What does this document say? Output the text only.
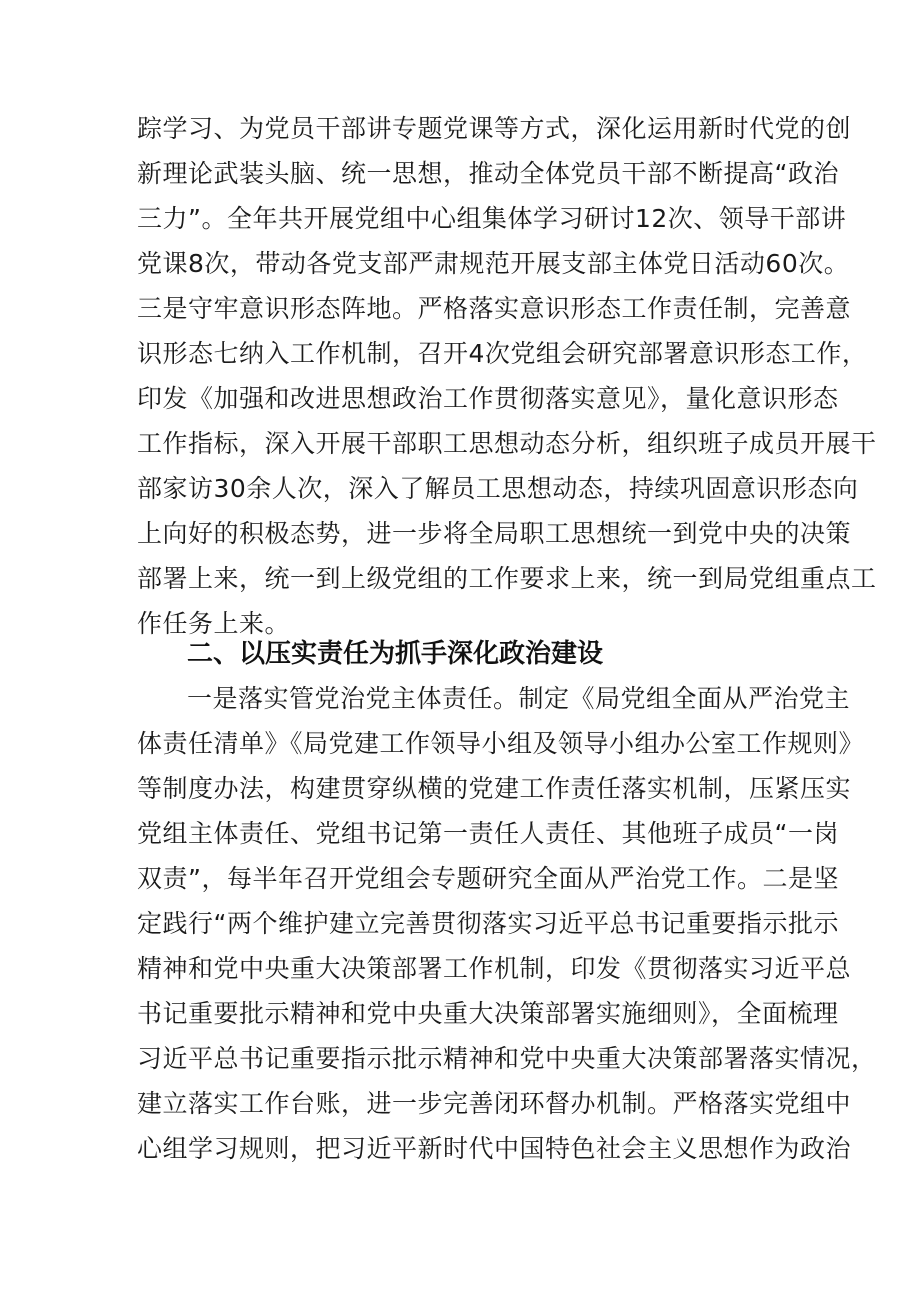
踪学习、为党员干部讲专题党课等方式，深化运用新时代党的创
新理论武装头脑、统一思想，推动全体党员干部不断提高“政治
三力”。全年共开展党组中心组集体学习研讨12次、领导干部讲
党课8次，带动各党支部严肃规范开展支部主体党日活动60次。
三是守牢意识形态阵地。严格落实意识形态工作责任制，完善意
识形态七纳入工作机制，召开4次党组会研究部署意识形态工作，
印发《加强和改进思想政治工作贯彻落实意见》，量化意识形态
工作指标，深入开展干部职工思想动态分析，组织班子成员开展干
部家访30余人次，深入了解员工思想动态，持续巩固意识形态向
上向好的积极态势，进一步将全局职工思想统一到党中央的决策
部署上来，统一到上级党组的工作要求上来，统一到局党组重点工
作任务上来。
二、以压实责任为抓手深化政治建设
一是落实管党治党主体责任。制定《局党组全面从严治党主
体责任清单》《局党建工作领导小组及领导小组办公室工作规则》
等制度办法，构建贯穿纵横的党建工作责任落实机制，压紧压实
党组主体责任、党组书记第一责任人责任、其他班子成员“一岗
双责”，每半年召开党组会专题研究全面从严治党工作。二是坚
定践行“两个维护建立完善贯彻落实习近平总书记重要指示批示
精神和党中央重大决策部署工作机制，印发《贯彻落实习近平总
书记重要批示精神和党中央重大决策部署实施细则》，全面梳理
习近平总书记重要指示批示精神和党中央重大决策部署落实情况，
建立落实工作台账，进一步完善闭环督办机制。严格落实党组中
心组学习规则，把习近平新时代中国特色社会主义思想作为政治
